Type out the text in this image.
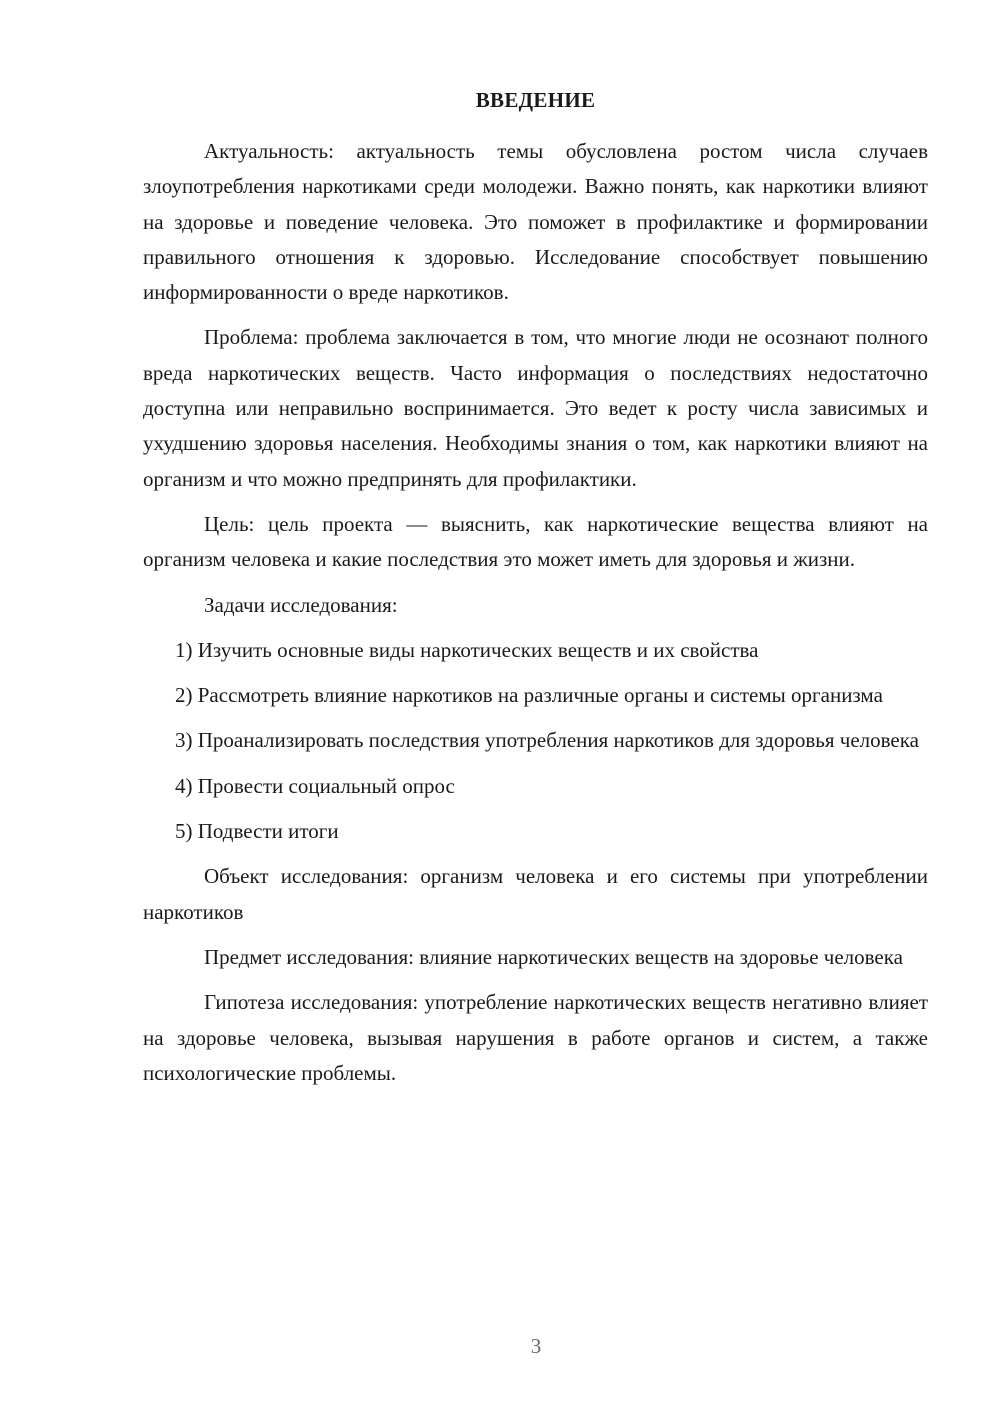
ВВЕДЕНИЕ

Актуальность: актуальность темы обусловлена ростом числа случаев злоупотребления наркотиками среди молодежи. Важно понять, как наркотики влияют на здоровье и поведение человека. Это поможет в профилактике и формировании правильного отношения к здоровью. Исследование способствует повышению информированности о вреде наркотиков.

Проблема: проблема заключается в том, что многие люди не осознают полного вреда наркотических веществ. Часто информация о последствиях недостаточно доступна или неправильно воспринимается. Это ведет к росту числа зависимых и ухудшению здоровья населения. Необходимы знания о том, как наркотики влияют на организм и что можно предпринять для профилактики.

Цель: цель проекта — выяснить, как наркотические вещества влияют на организм человека и какие последствия это может иметь для здоровья и жизни.

Задачи исследования:

1) Изучить основные виды наркотических веществ и их свойства

2) Рассмотреть влияние наркотиков на различные органы и системы организма

3) Проанализировать последствия употребления наркотиков для здоровья человека

4) Провести социальный опрос

5) Подвести итоги

Объект исследования: организм человека и его системы при употреблении наркотиков

Предмет исследования: влияние наркотических веществ на здоровье человека

Гипотеза исследования: употребление наркотических веществ негативно влияет на здоровье человека, вызывая нарушения в работе органов и систем, а также психологические проблемы.

3
